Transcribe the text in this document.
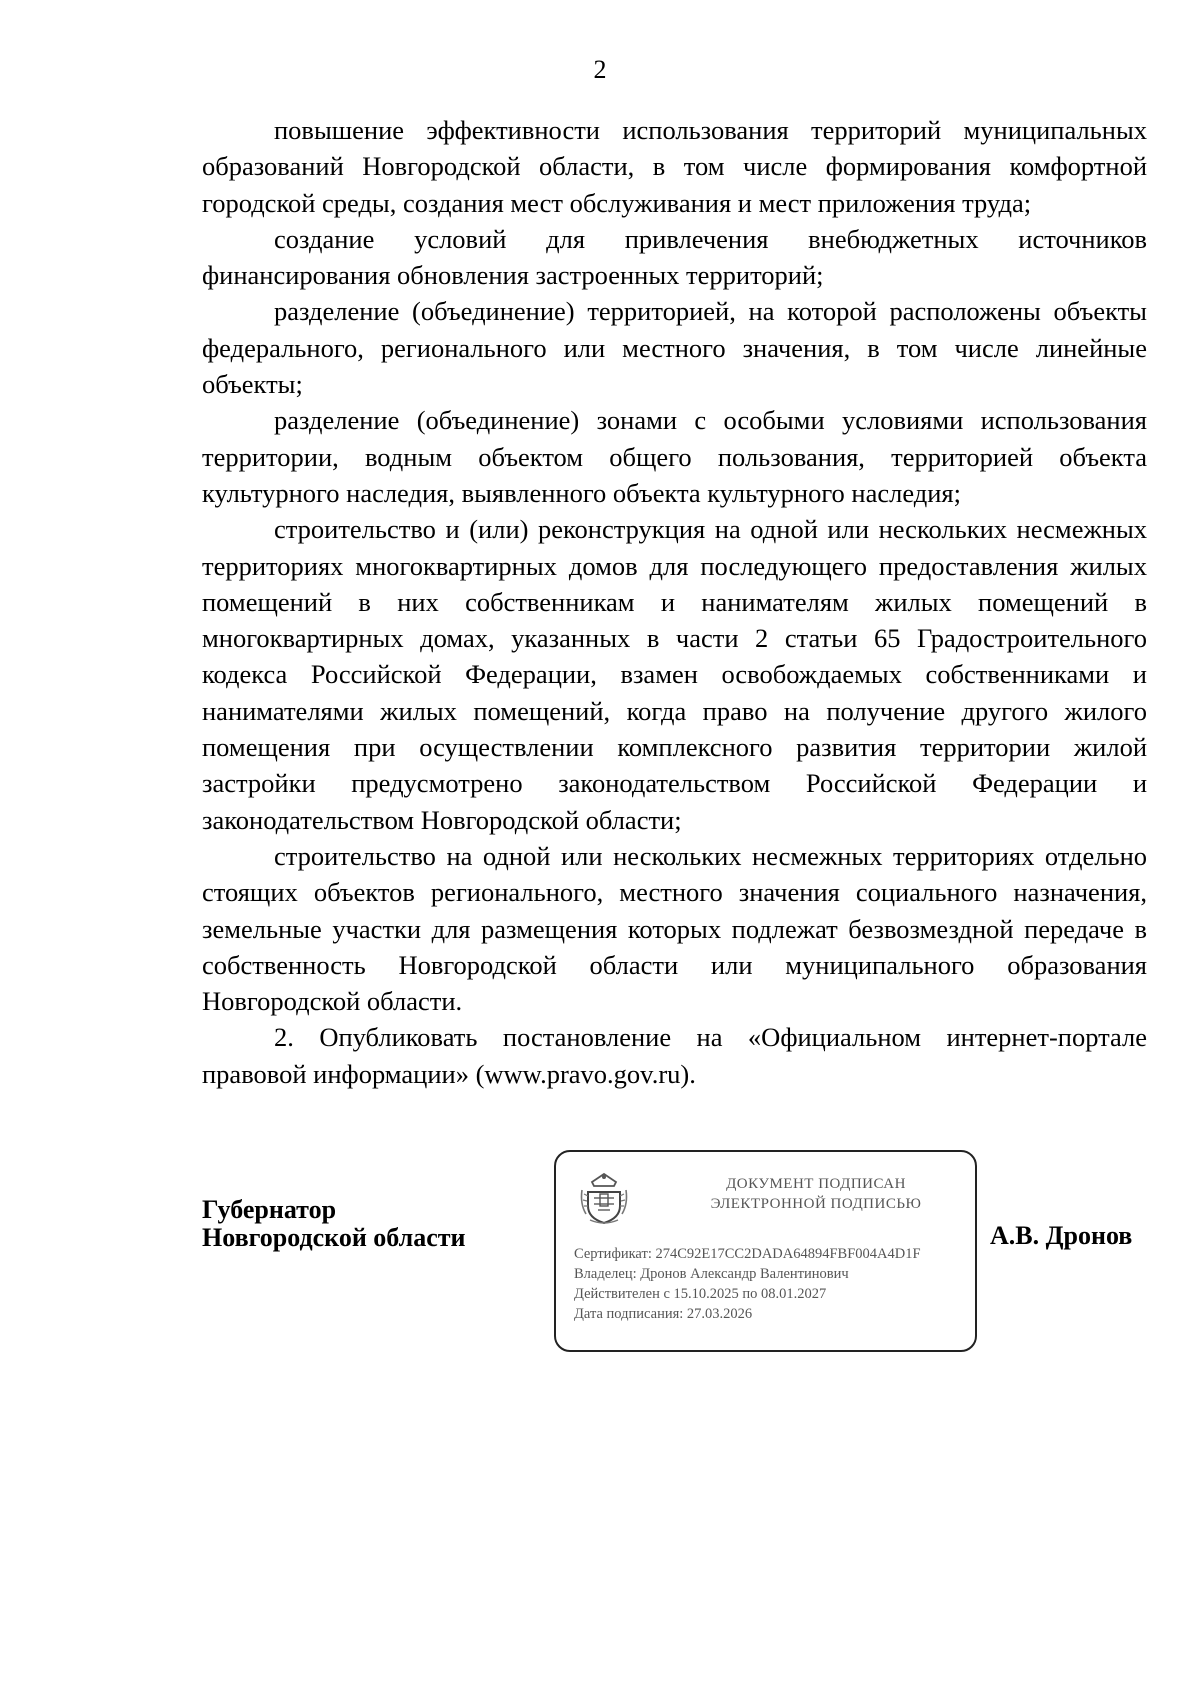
2

повышение эффективности использования территорий муниципальных образований Новгородской области, в том числе формирования комфортной городской среды, создания мест обслуживания и мест приложения труда;

создание условий для привлечения внебюджетных источников финансирования обновления застроенных территорий;

разделение (объединение) территорией, на которой расположены объекты федерального, регионального или местного значения, в том числе линейные объекты;

разделение (объединение) зонами с особыми условиями использования территории, водным объектом общего пользования, территорией объекта культурного наследия, выявленного объекта культурного наследия;

строительство и (или) реконструкция на одной или нескольких несмежных территориях многоквартирных домов для последующего предоставления жилых помещений в них собственникам и нанимателям жилых помещений в многоквартирных домах, указанных в части 2 статьи 65 Градостроительного кодекса Российской Федерации, взамен освобождаемых собственниками и нанимателями жилых помещений, когда право на получение другого жилого помещения при осуществлении комплексного развития территории жилой застройки предусмотрено законодательством Российской Федерации и законодательством Новгородской области;

строительство на одной или нескольких несмежных территориях отдельно стоящих объектов регионального, местного значения социального назначения, земельные участки для размещения которых подлежат безвозмездной передаче в собственность Новгородской области или муниципального образования Новгородской области.

2. Опубликовать постановление на «Официальном интернет-портале правовой информации» (www.pravo.gov.ru).

Губернатор
Новгородской области
ДОКУМЕНТ ПОДПИСАН
ЭЛЕКТРОННОЙ ПОДПИСЬЮ
Сертификат: 274C92E17CC2DADA64894FBF004A4D1F
Владелец: Дронов Александр Валентинович
Действителен с 15.10.2025 по 08.01.2027
Дата подписания: 27.03.2026
А.В. Дронов
